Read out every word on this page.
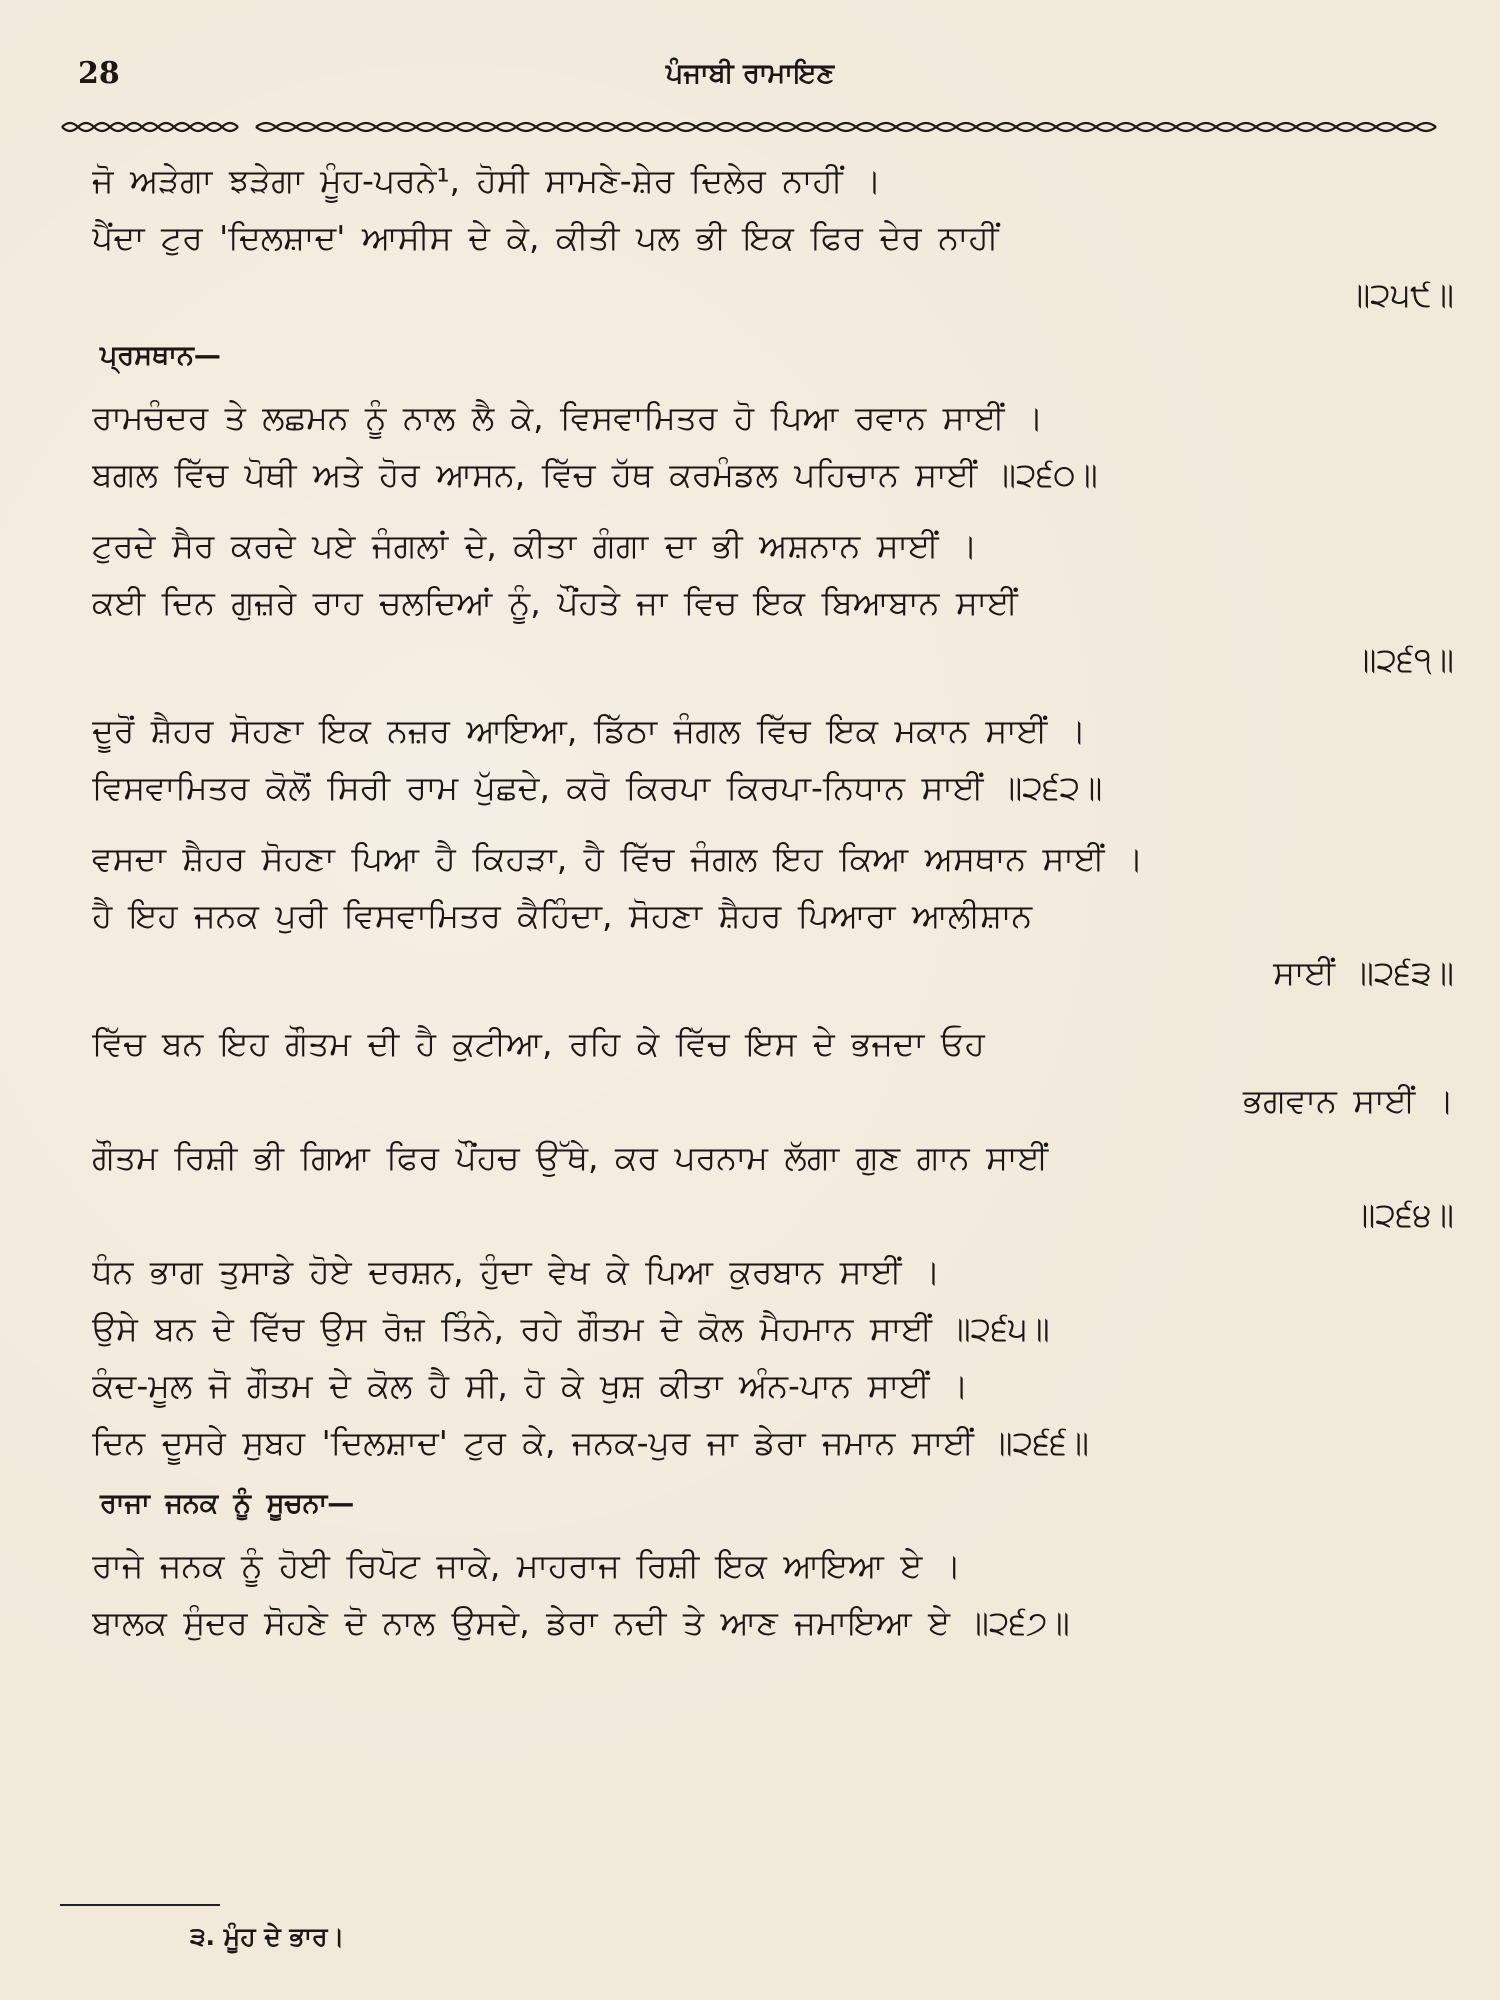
28	ਪੰਜਾਬੀ ਰਾਮਾਇਣ
ਜੋ ਅੜੇਗਾ ਝੜੇਗਾ ਮੂੰਹ-ਪਰਨੇ¹, ਹੋਸੀ ਸਾਮਣੇ-ਸ਼ੇਰ ਦਿਲੇਰ ਨਾਹੀਂ ।
ਪੈਂਦਾ ਟੁਰ 'ਦਿਲਸ਼ਾਦ' ਆਸੀਸ ਦੇ ਕੇ, ਕੀਤੀ ਪਲ ਭੀ ਇਕ ਫਿਰ ਦੇਰ ਨਾਹੀਂ
॥੨੫੯॥
ਪ੍ਰਸਥਾਨ—
ਰਾਮਚੰਦਰ ਤੇ ਲਛਮਨ ਨੂੰ ਨਾਲ ਲੈ ਕੇ, ਵਿਸਵਾਮਿਤਰ ਹੋ ਪਿਆ ਰਵਾਨ ਸਾਈਂ ।
ਬਗਲ ਵਿੱਚ ਪੋਥੀ ਅਤੇ ਹੋਰ ਆਸਨ, ਵਿੱਚ ਹੱਥ ਕਰਮੰਡਲ ਪਹਿਚਾਨ ਸਾਈਂ ॥੨੬੦॥
ਟੁਰਦੇ ਸੈਰ ਕਰਦੇ ਪਏ ਜੰਗਲਾਂ ਦੇ, ਕੀਤਾ ਗੰਗਾ ਦਾ ਭੀ ਅਸ਼ਨਾਨ ਸਾਈਂ ।
ਕਈ ਦਿਨ ਗੁਜ਼ਰੇ ਰਾਹ ਚਲਦਿਆਂ ਨੂੰ, ਪੌਂਹਤੇ ਜਾ ਵਿਚ ਇਕ ਬਿਆਬਾਨ ਸਾਈਂ
॥੨੬੧॥
ਦੂਰੋਂ ਸ਼ੈਹਰ ਸੋਹਣਾ ਇਕ ਨਜ਼ਰ ਆਇਆ, ਡਿੱਠਾ ਜੰਗਲ ਵਿੱਚ ਇਕ ਮਕਾਨ ਸਾਈਂ ।
ਵਿਸਵਾਮਿਤਰ ਕੋਲੋਂ ਸਿਰੀ ਰਾਮ ਪੁੱਛਦੇ, ਕਰੋ ਕਿਰਪਾ ਕਿਰਪਾ-ਨਿਧਾਨ ਸਾਈਂ ॥੨੬੨॥
ਵਸਦਾ ਸ਼ੈਹਰ ਸੋਹਣਾ ਪਿਆ ਹੈ ਕਿਹੜਾ, ਹੈ ਵਿੱਚ ਜੰਗਲ ਇਹ ਕਿਆ ਅਸਥਾਨ ਸਾਈਂ ।
ਹੈ ਇਹ ਜਨਕ ਪੁਰੀ ਵਿਸਵਾਮਿਤਰ ਕੈਹਿੰਦਾ, ਸੋਹਣਾ ਸ਼ੈਹਰ ਪਿਆਰਾ ਆਲੀਸ਼ਾਨ
ਸਾਈਂ ॥੨੬੩॥
ਵਿੱਚ ਬਨ ਇਹ ਗੌਤਮ ਦੀ ਹੈ ਕੁਟੀਆ, ਰਹਿ ਕੇ ਵਿੱਚ ਇਸ ਦੇ ਭਜਦਾ ਓਹ
ਭਗਵਾਨ ਸਾਈਂ ।
ਗੌਤਮ ਰਿਸ਼ੀ ਭੀ ਗਿਆ ਫਿਰ ਪੌਂਹਚ ਉੱਥੇ, ਕਰ ਪਰਨਾਮ ਲੱਗਾ ਗੁਣ ਗਾਨ ਸਾਈਂ
॥੨੬੪॥
ਧੰਨ ਭਾਗ ਤੁਸਾਡੇ ਹੋਏ ਦਰਸ਼ਨ, ਹੁੰਦਾ ਵੇਖ ਕੇ ਪਿਆ ਕੁਰਬਾਨ ਸਾਈਂ ।
ਉਸੇ ਬਨ ਦੇ ਵਿੱਚ ਉਸ ਰੋਜ਼ ਤਿੰਨੇ, ਰਹੇ ਗੌਤਮ ਦੇ ਕੋਲ ਮੈਹਮਾਨ ਸਾਈਂ ॥੨੬੫॥
ਕੰਦ-ਮੂਲ ਜੋ ਗੌਤਮ ਦੇ ਕੋਲ ਹੈ ਸੀ, ਹੋ ਕੇ ਖੁਸ਼ ਕੀਤਾ ਅੰਨ-ਪਾਨ ਸਾਈਂ ।
ਦਿਨ ਦੂਸਰੇ ਸੁਬਹ 'ਦਿਲਸ਼ਾਦ' ਟੁਰ ਕੇ, ਜਨਕ-ਪੁਰ ਜਾ ਡੇਰਾ ਜਮਾਨ ਸਾਈਂ ॥੨੬੬॥
ਰਾਜਾ ਜਨਕ ਨੂੰ ਸੂਚਨਾ—
ਰਾਜੇ ਜਨਕ ਨੂੰ ਹੋਈ ਰਿਪੋਟ ਜਾਕੇ, ਮਾਹਰਾਜ ਰਿਸ਼ੀ ਇਕ ਆਇਆ ਏ ।
ਬਾਲਕ ਸੁੰਦਰ ਸੋਹਣੇ ਦੋ ਨਾਲ ਉਸਦੇ, ਡੇਰਾ ਨਦੀ ਤੇ ਆਣ ਜਮਾਇਆ ਏ ॥੨੬੭॥
੩. ਮੂੰਹ ਦੇ ਭਾਰ।
